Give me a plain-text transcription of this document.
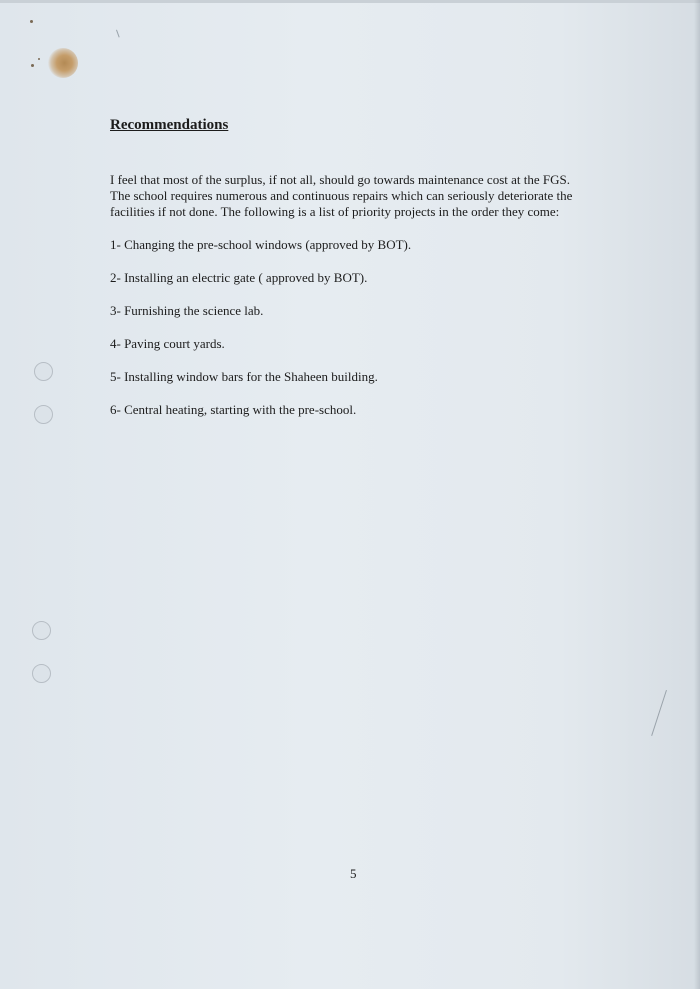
Recommendations

I feel that most of the surplus, if not all, should go towards maintenance cost at the FGS.
The school requires numerous and continuous repairs which can seriously deteriorate the
facilities if not done. The following is a list of priority projects in the order they come:

1- Changing the pre-school windows (approved by BOT).
2- Installing an electric gate ( approved by BOT).
3- Furnishing the science lab.
4- Paving court yards.
5- Installing window bars for the Shaheen building.
6- Central heating, starting with the pre-school.
5
